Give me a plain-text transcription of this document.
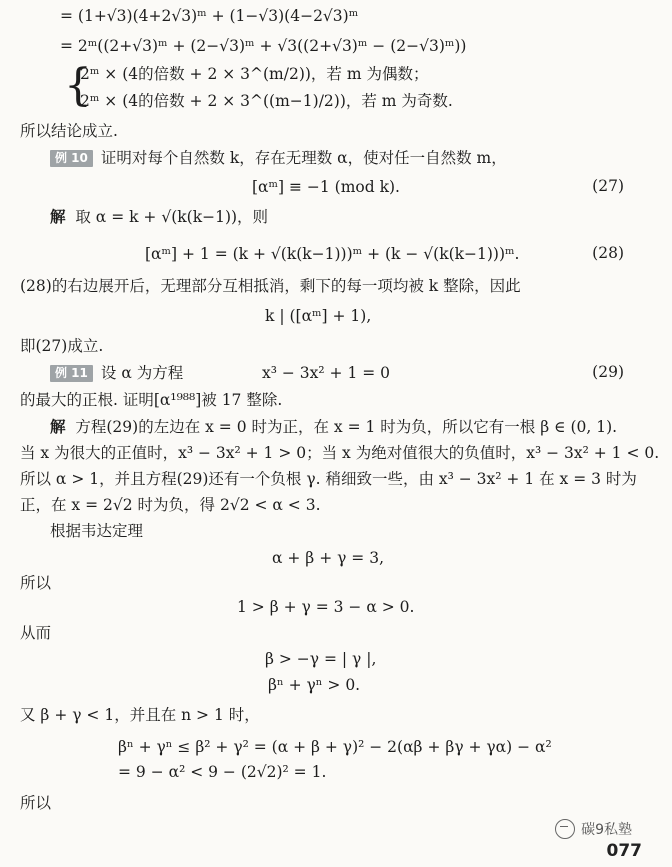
= (1+√3)(4+2√3)ᵐ + (1−√3)(4−2√3)ᵐ
= 2ᵐ((2+√3)ᵐ + (2−√3)ᵐ + √3((2+√3)ᵐ − (2−√3)ᵐ))
{
2ᵐ × (4的倍数 + 2 × 3^(m/2))，若 m 为偶数；
2ᵐ × (4的倍数 + 2 × 3^((m−1)/2))，若 m 为奇数.
所以结论成立.
例 10 证明对每个自然数 k，存在无理数 α，使对任一自然数 m，
[αᵐ] ≡ −1 (mod k).	(27)
解 取 α = k + √(k(k−1))，则
[αᵐ] + 1 = (k + √(k(k−1)))ᵐ + (k − √(k(k−1)))ᵐ.	(28)
(28)的右边展开后，无理部分互相抵消，剩下的每一项均被 k 整除，因此
k | ([αᵐ] + 1),
即(27)成立.
例 11 设 α 为方程	x³ − 3x² + 1 = 0	(29)
的最大的正根. 证明[α¹⁹⁸⁸]被 17 整除.
解 方程(29)的左边在 x = 0 时为正，在 x = 1 时为负，所以它有一根 β ∈ (0, 1).
当 x 为很大的正值时，x³ − 3x² + 1 > 0；当 x 为绝对值很大的负值时，x³ − 3x² + 1 < 0.
所以 α > 1，并且方程(29)还有一个负根 γ. 稍细致一些，由 x³ − 3x² + 1 在 x = 3 时为
正，在 x = 2√2 时为负，得 2√2 < α < 3.
根据韦达定理
α + β + γ = 3,
所以
1 > β + γ = 3 − α > 0.
从而
β > −γ = | γ |,
βⁿ + γⁿ > 0.
又 β + γ < 1，并且在 n > 1 时，
βⁿ + γⁿ ≤ β² + γ² = (α + β + γ)² − 2(αβ + βγ + γα) − α²
= 9 − α² < 9 − (2√2)² = 1.
所以
碳9私塾
077
